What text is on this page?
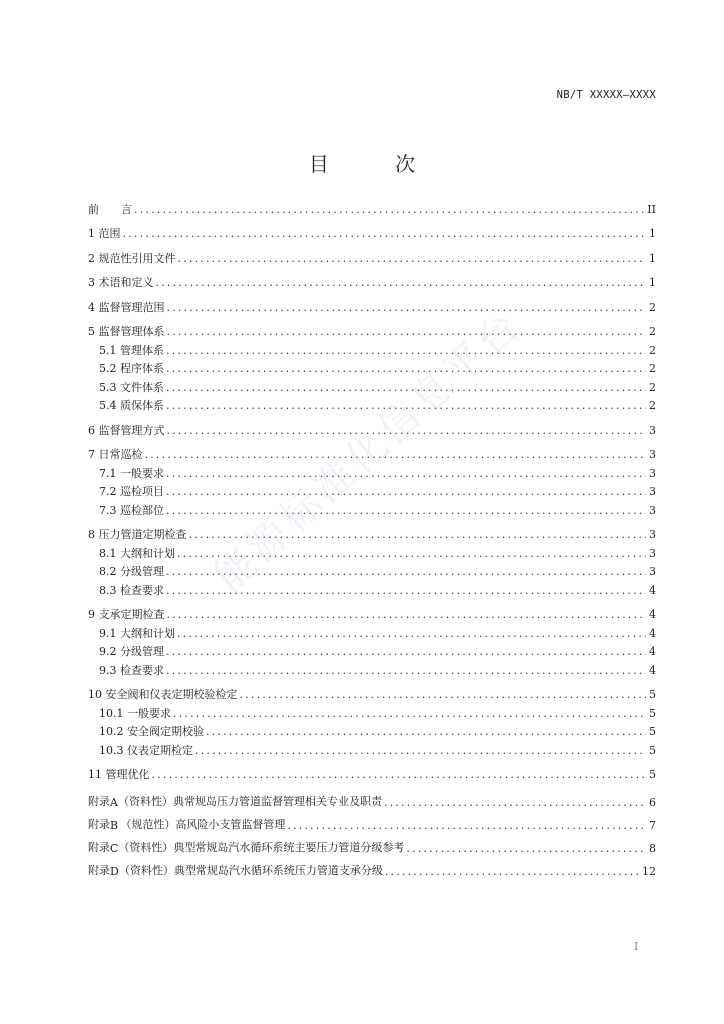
NB/T XXXXX—XXXX
目 次
前　　言 .....	II
1 范围 .....	1
2 规范性引用文件 .....	1
3 术语和定义 .....	1
4 监督管理范围 .....	2
5 监督管理体系 .....	2
5.1 管理体系 .....	2
5.2 程序体系 .....	2
5.3 文件体系 .....	2
5.4 质保体系 .....	2
6 监督管理方式 .....	3
7 日常巡检 .....	3
7.1 一般要求 .....	3
7.2 巡检项目 .....	3
7.3 巡检部位 .....	3
8 压力管道定期检查 .....	3
8.1 大纲和计划 .....	3
8.2 分级管理 .....	3
8.3 检查要求 .....	4
9 支承定期检查 .....	4
9.1 大纲和计划 .....	4
9.2 分级管理 .....	4
9.3 检查要求 .....	4
10 安全阀和仪表定期校验检定 .....	5
10.1 一般要求 .....	5
10.2 安全阀定期校验 .....	5
10.3 仪表定期检定 .....	5
11 管理优化 .....	5
附 录 A （资料性） 典常规岛压力管道监督管理相关专业及职责 .....	6
附 录 B （规范性） 高风险小支管监督管理 .....	7
附 录 C （资料性） 典型常规岛汽水循环系统主要压力管道分级参考 .....	8
附 录 D （资料性） 典型常规岛汽水循环系统压力管道支承分级 .....	12
能源标准化信息平台
I
